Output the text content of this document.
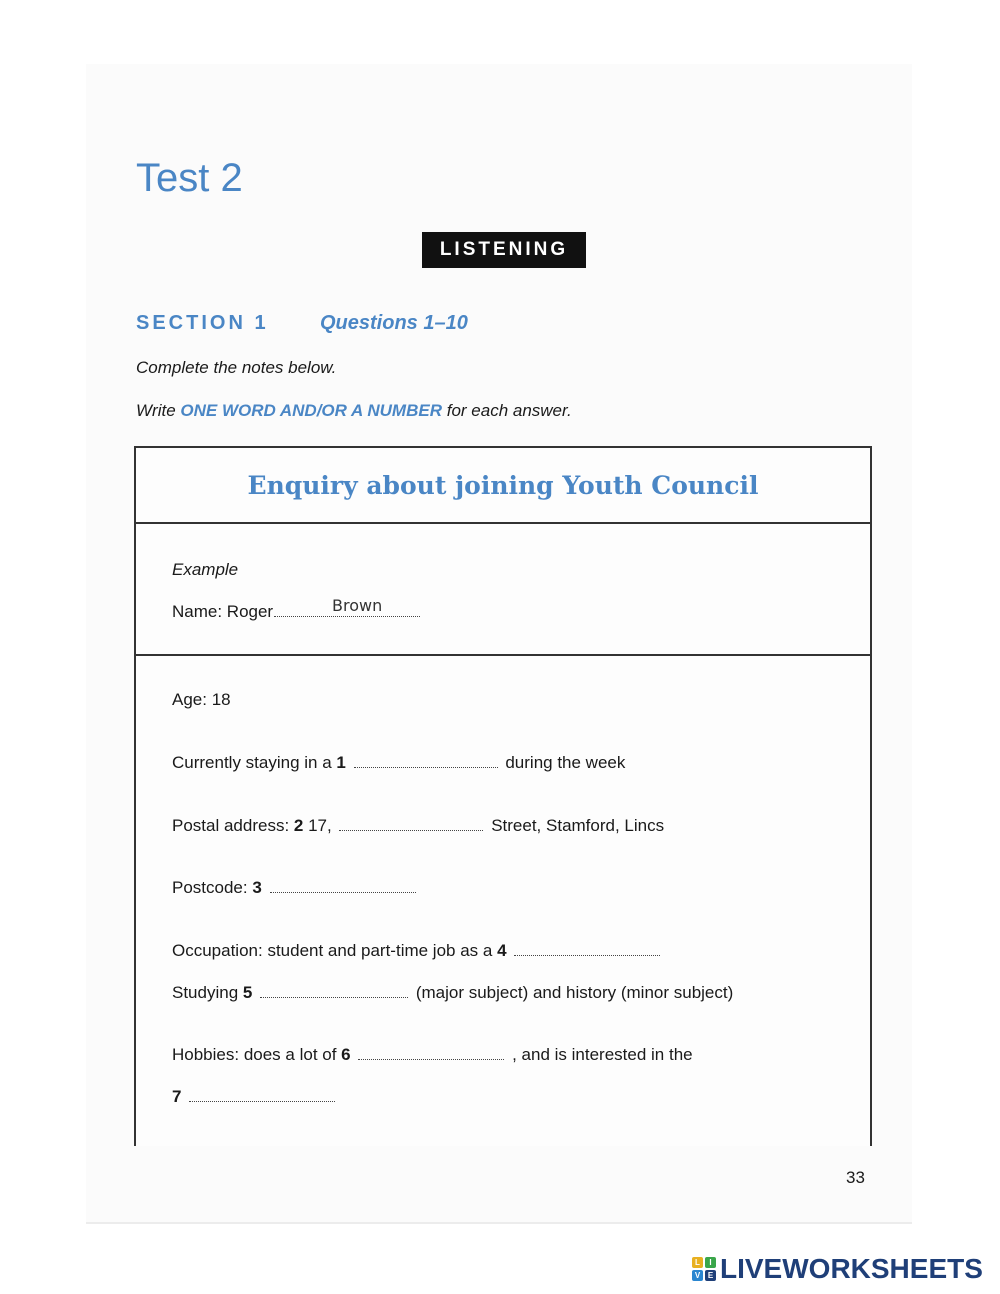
Test 2
LISTENING
SECTION 1	Questions 1–10
Complete the notes below.
Write ONE WORD AND/OR A NUMBER for each answer.
Enquiry about joining Youth Council
Example
Name: Roger	Brown
Age: 18
Currently staying in a 1	during the week
Postal address: 2 17,	Street, Stamford, Lincs
Postcode: 3
Occupation: student and part-time job as a 4
Studying 5	(major subject) and history (minor subject)
Hobbies: does a lot of 6	, and is interested in the
7
33
L	I
V E LIVEWORKSHEETS
